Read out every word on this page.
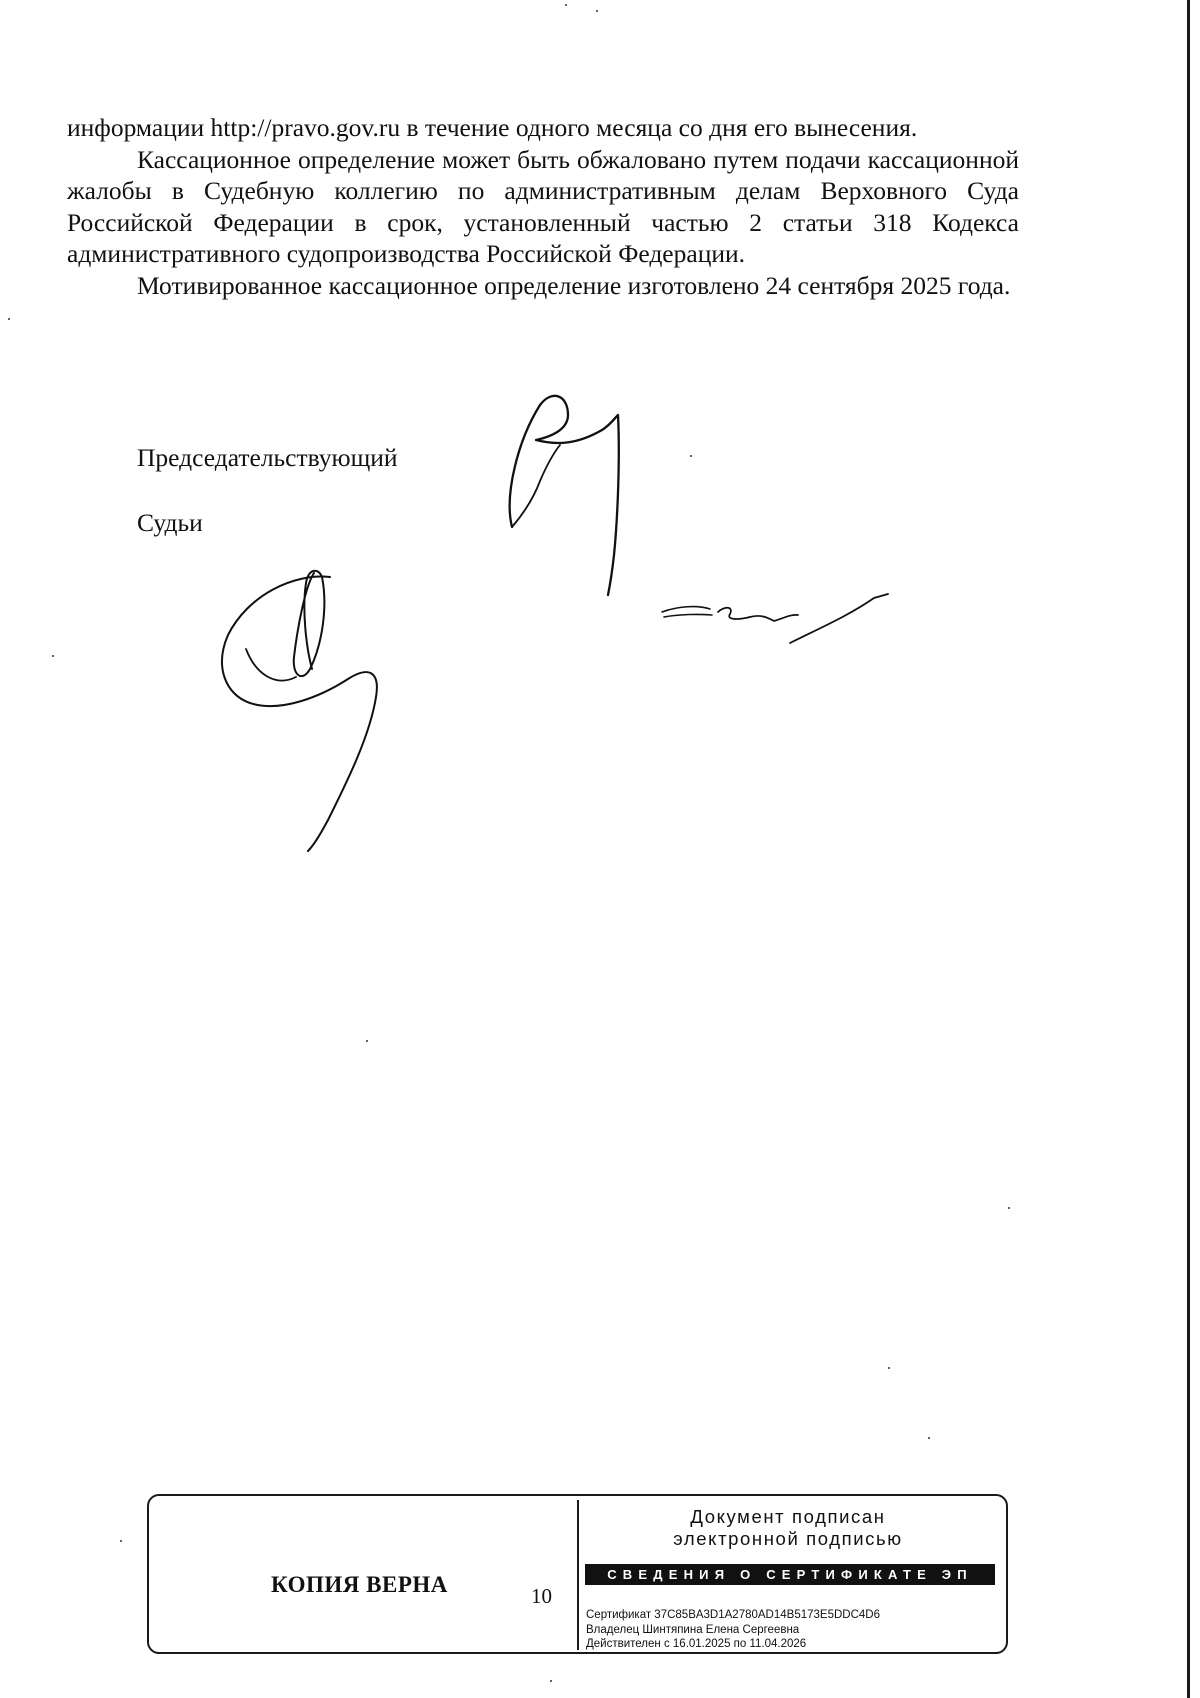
информации http://pravo.gov.ru в течение одного месяца со дня его вынесения.

Кассационное определение может быть обжаловано путем подачи кассационной жалобы в Судебную коллегию по административным делам Верховного Суда Российской Федерации в срок, установленный частью 2 статьи 318 Кодекса административного судопроизводства Российской Федерации.

Мотивированное кассационное определение изготовлено 24 сентября 2025 года.

Председательствующий
Судьи
КОПИЯ ВЕРНА	10
Документ подписан
электронной подписью
СВЕДЕНИЯ О СЕРТИФИКАТЕ ЭП
Сертификат 37C85BA3D1A2780AD14B5173E5DDC4D6
Владелец Шинтяпина Елена Сергеевна
Действителен с 16.01.2025 по 11.04.2026
